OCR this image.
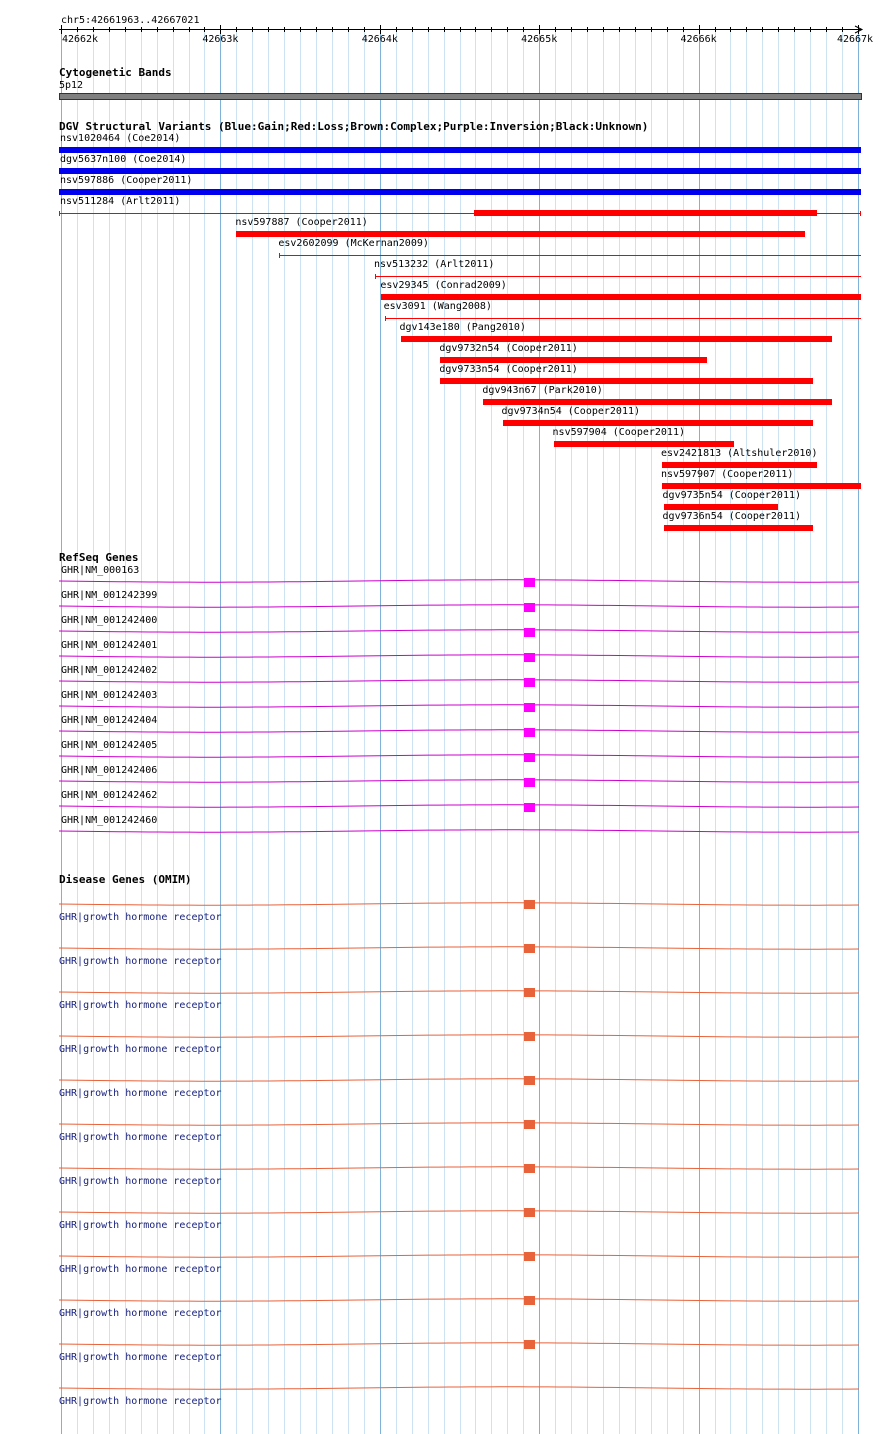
chr5:42661963..42667021
42662k	42663k	42664k	42665k	42666k	42667k
Cytogenetic Bands
5p12
DGV Structural Variants (Blue:Gain;Red:Loss;Brown:Complex;Purple:Inversion;Black:Unknown)
nsv1020464 (Coe2014)
dgv5637n100 (Coe2014)
nsv597886 (Cooper2011)
nsv511284 (Arlt2011)
nsv597887 (Cooper2011)
esv2602099 (McKernan2009)
nsv513232 (Arlt2011)
esv29345 (Conrad2009)
esv3091 (Wang2008)
dgv143e180 (Pang2010)
dgv9732n54 (Cooper2011)
dgv9733n54 (Cooper2011)
dgv943n67 (Park2010)
dgv9734n54 (Cooper2011)
nsv597904 (Cooper2011)
esv2421813 (Altshuler2010)
nsv597907 (Cooper2011)
dgv9735n54 (Cooper2011)
dgv9736n54 (Cooper2011)
RefSeq Genes
GHR|NM_000163
GHR|NM_001242399
GHR|NM_001242400
GHR|NM_001242401
GHR|NM_001242402
GHR|NM_001242403
GHR|NM_001242404
GHR|NM_001242405
GHR|NM_001242406
GHR|NM_001242462
GHR|NM_001242460
Disease Genes (OMIM)
GHR|growth hormone receptor
GHR|growth hormone receptor
GHR|growth hormone receptor
GHR|growth hormone receptor
GHR|growth hormone receptor
GHR|growth hormone receptor
GHR|growth hormone receptor
GHR|growth hormone receptor
GHR|growth hormone receptor
GHR|growth hormone receptor
GHR|growth hormone receptor
GHR|growth hormone receptor
